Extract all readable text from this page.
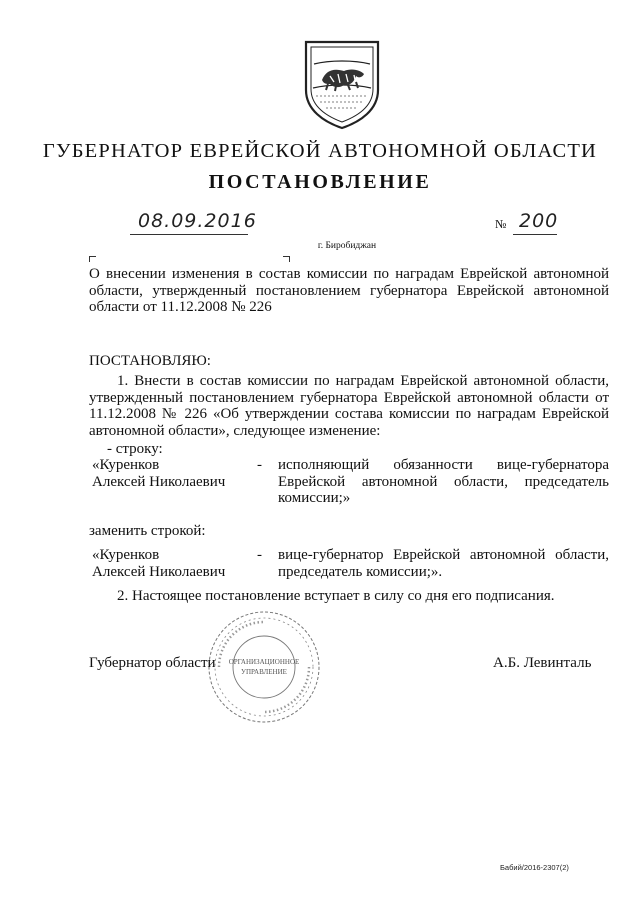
ГУБЕРНАТОР ЕВРЕЙСКОЙ АВТОНОМНОЙ ОБЛАСТИ
ПОСТАНОВЛЕНИЕ
08.09.2016	№ 200
г. Биробиджан
О внесении изменения в состав комиссии по наградам Еврейской автономной области, утвержденный постановлением губернатора Еврейской автономной области от 11.12.2008 № 226
ПОСТАНОВЛЯЮ:
1. Внести в состав комиссии по наградам Еврейской автономной области, утвержденный постановлением губернатора Еврейской автономной области от 11.12.2008 № 226 «Об утверждении состава комиссии по наградам Еврейской автономной области», следующее изменение:
- строку:
«Куренков
Алексей Николаевич
- исполняющий обязанности вице-губернатора
Еврейской автономной области, председатель
комиссии;»
заменить строкой:
«Куренков
Алексей Николаевич
- вице-губернатор Еврейской автономной области,
председатель комиссии;».
2. Настоящее постановление вступает в силу со дня его подписания.
ОРГАНИЗАЦИОННОЕ
УПРАВЛЕНИЕ
Губернатор области	А.Б. Левинталь
Бабий/2016-2307(2)
